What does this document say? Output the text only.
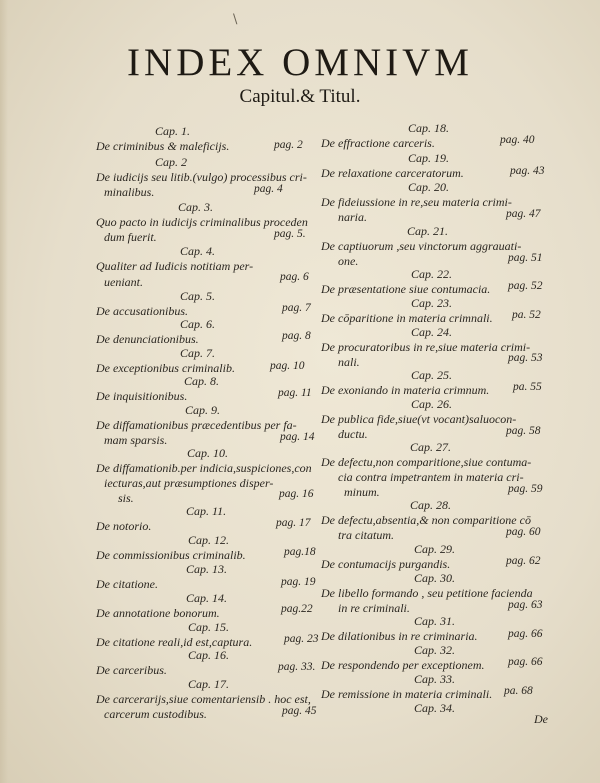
\
INDEX OMNIVM
Capitul.& Titul.
Cap. 1.
De criminibus & maleficijs.	pag. 2
Cap. 2
De iudicijs seu litib.(vulgo) processibus cri-
minalibus.	pag. 4
Cap. 3.
Quo pacto in iudicijs criminalibus proceden
dum fuerit.	pag. 5.
Cap. 4.
Qualiter ad Iudicis notitiam per-
ueniant.	pag. 6
Cap. 5.
De accusationibus.	pag. 7
Cap. 6.
De denunciationibus.	pag. 8
Cap. 7.
De exceptionibus criminalib.	pag. 10
Cap. 8.
De inquisitionibus.	pag. 11
Cap. 9.
De diffamationibus præcedentibus per fa-
mam sparsis.	pag. 14
Cap. 10.
De diffamationib.per indicia,suspiciones,con
iecturas,aut præsumptiones disper-
sis.	pag. 16
Cap. 11.
De notorio.	pag. 17
Cap. 12.
De commissionibus criminalib.	pag.18
Cap. 13.
De citatione.	pag. 19
Cap. 14.
De annotatione bonorum.	pag.22
Cap. 15.
De citatione reali,id est,captura.	pag. 23
Cap. 16.
De carceribus.	pag. 33.
Cap. 17.
De carcerarijs,siue comentariensib . hoc est,
carcerum custodibus.	pag. 45
Cap. 18.
De effractione carceris.	pag. 40
Cap. 19.
De relaxatione carceratorum.	pag. 43
Cap. 20.
De fideiussione in re,seu materia crimi-
naria.	pag. 47
Cap. 21.
De captiuorum ,seu vinctorum aggrauati-
one.	pag. 51
Cap. 22.
De præsentatione siue contumacia. pag. 52
Cap. 23.
De cōparitione in materia crimnali. pa. 52
Cap. 24.
De procuratoribus in re,siue materia crimi-
nali.	pag. 53
Cap. 25.
De exoniando in materia crimnum. pa. 55
Cap. 26.
De publica fide,siue(vt vocant)saluocon-
ductu.	pag. 58
Cap. 27.
De defectu,non comparitione,siue contuma-
cia contra impetrantem in materia cri-
minum.	pag. 59
Cap. 28.
De defectu,absentia,& non comparitione cō
tra citatum.	pag. 60
Cap. 29.
De contumacijs purgandis.	pag. 62
Cap. 30.
De libello formando , seu petitione facienda
in re criminali.	pag. 63
Cap. 31.
De dilationibus in re criminaria.	pag. 66
Cap. 32.
De respondendo per exceptionem. pag. 66
Cap. 33.
De remissione in materia criminali. pa. 68
Cap. 34.
De
